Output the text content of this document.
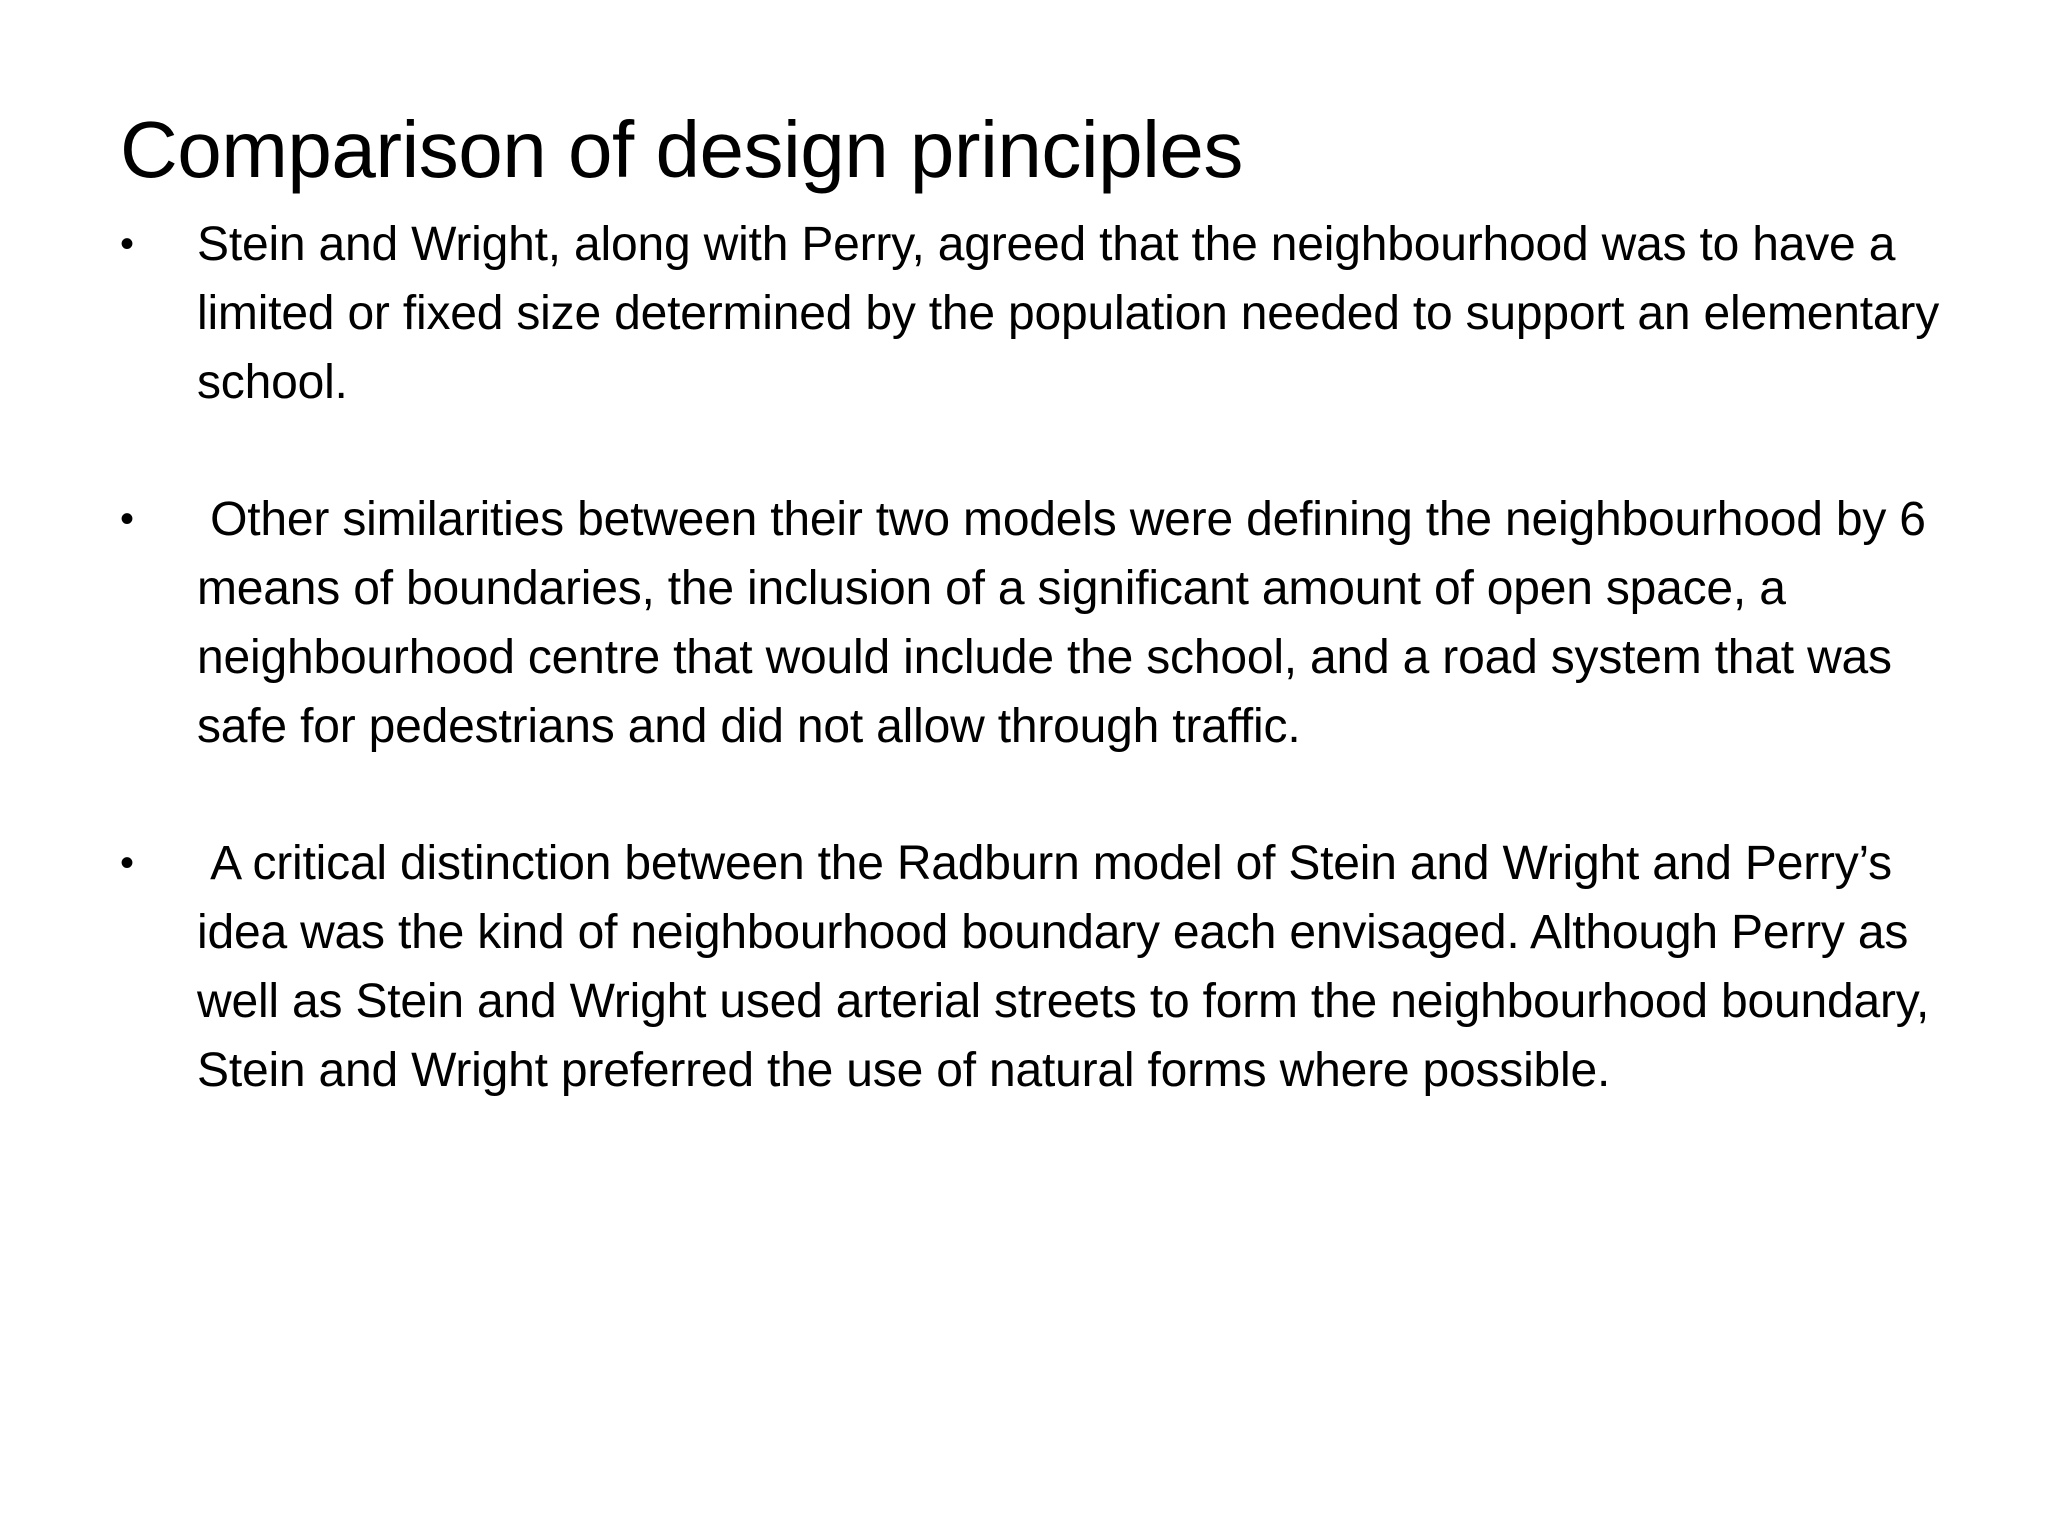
Comparison of design principles
•	Stein and Wright, along with Perry, agreed that the neighbourhood was to have a limited or fixed size determined by the population needed to support an elementary school.
•	Other similarities between their two models were defining the neighbourhood by 6 means of boundaries, the inclusion of a significant amount of open space, a neighbourhood centre that would include the school, and a road system that was safe for pedestrians and did not allow through traffic.
•	A critical distinction between the Radburn model of Stein and Wright and Perry’s idea was the kind of neighbourhood boundary each envisaged. Although Perry as well as Stein and Wright used arterial streets to form the neighbourhood boundary, Stein and Wright preferred the use of natural forms where possible.
